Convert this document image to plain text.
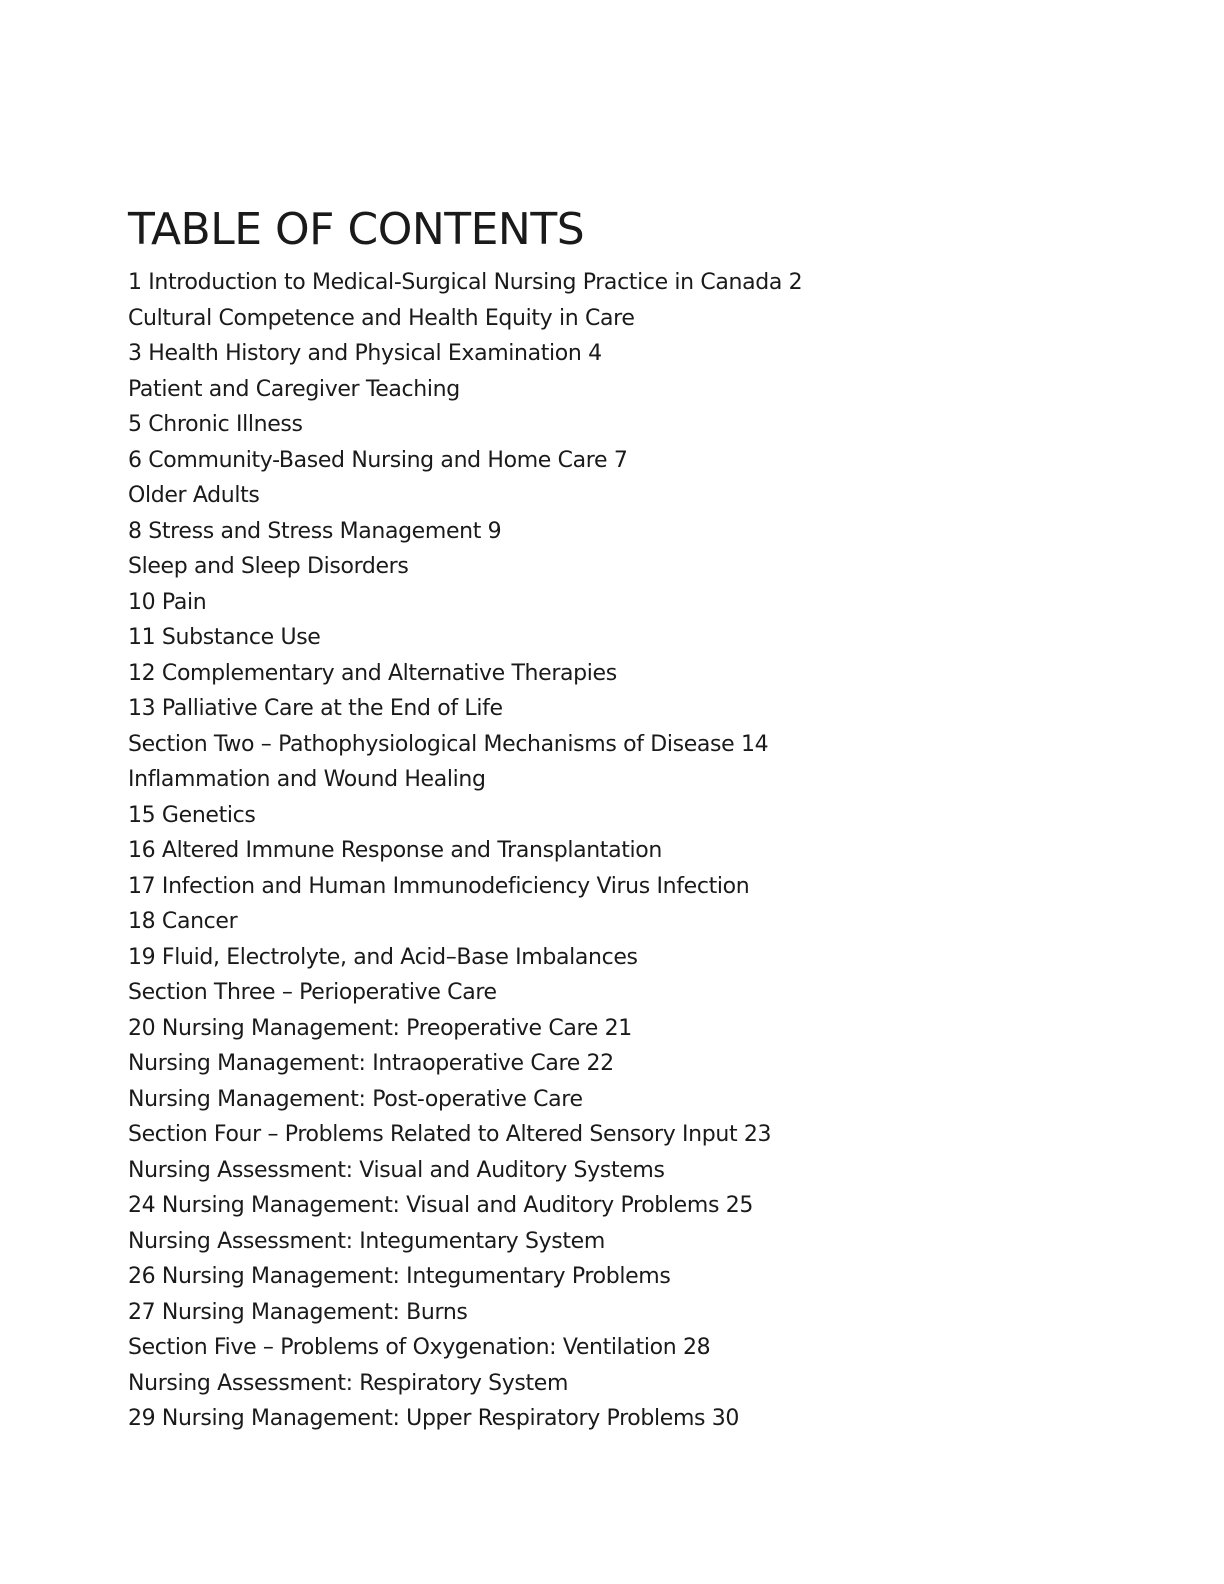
TABLE OF CONTENTS
1 Introduction to Medical-Surgical Nursing Practice in Canada 2
Cultural Competence and Health Equity in Care
3 Health History and Physical Examination 4
Patient and Caregiver Teaching
5 Chronic Illness
6 Community-Based Nursing and Home Care 7
Older Adults
8 Stress and Stress Management 9
Sleep and Sleep Disorders
10 Pain
11 Substance Use
12 Complementary and Alternative Therapies
13 Palliative Care at the End of Life
Section Two – Pathophysiological Mechanisms of Disease 14
Inflammation and Wound Healing
15 Genetics
16 Altered Immune Response and Transplantation
17 Infection and Human Immunodeficiency Virus Infection
18 Cancer
19 Fluid, Electrolyte, and Acid–Base Imbalances
Section Three – Perioperative Care
20 Nursing Management: Preoperative Care 21
Nursing Management: Intraoperative Care 22
Nursing Management: Post-operative Care
Section Four – Problems Related to Altered Sensory Input 23
Nursing Assessment: Visual and Auditory Systems
24 Nursing Management: Visual and Auditory Problems 25
Nursing Assessment: Integumentary System
26 Nursing Management: Integumentary Problems
27 Nursing Management: Burns
Section Five – Problems of Oxygenation: Ventilation 28
Nursing Assessment: Respiratory System
29 Nursing Management: Upper Respiratory Problems 30
